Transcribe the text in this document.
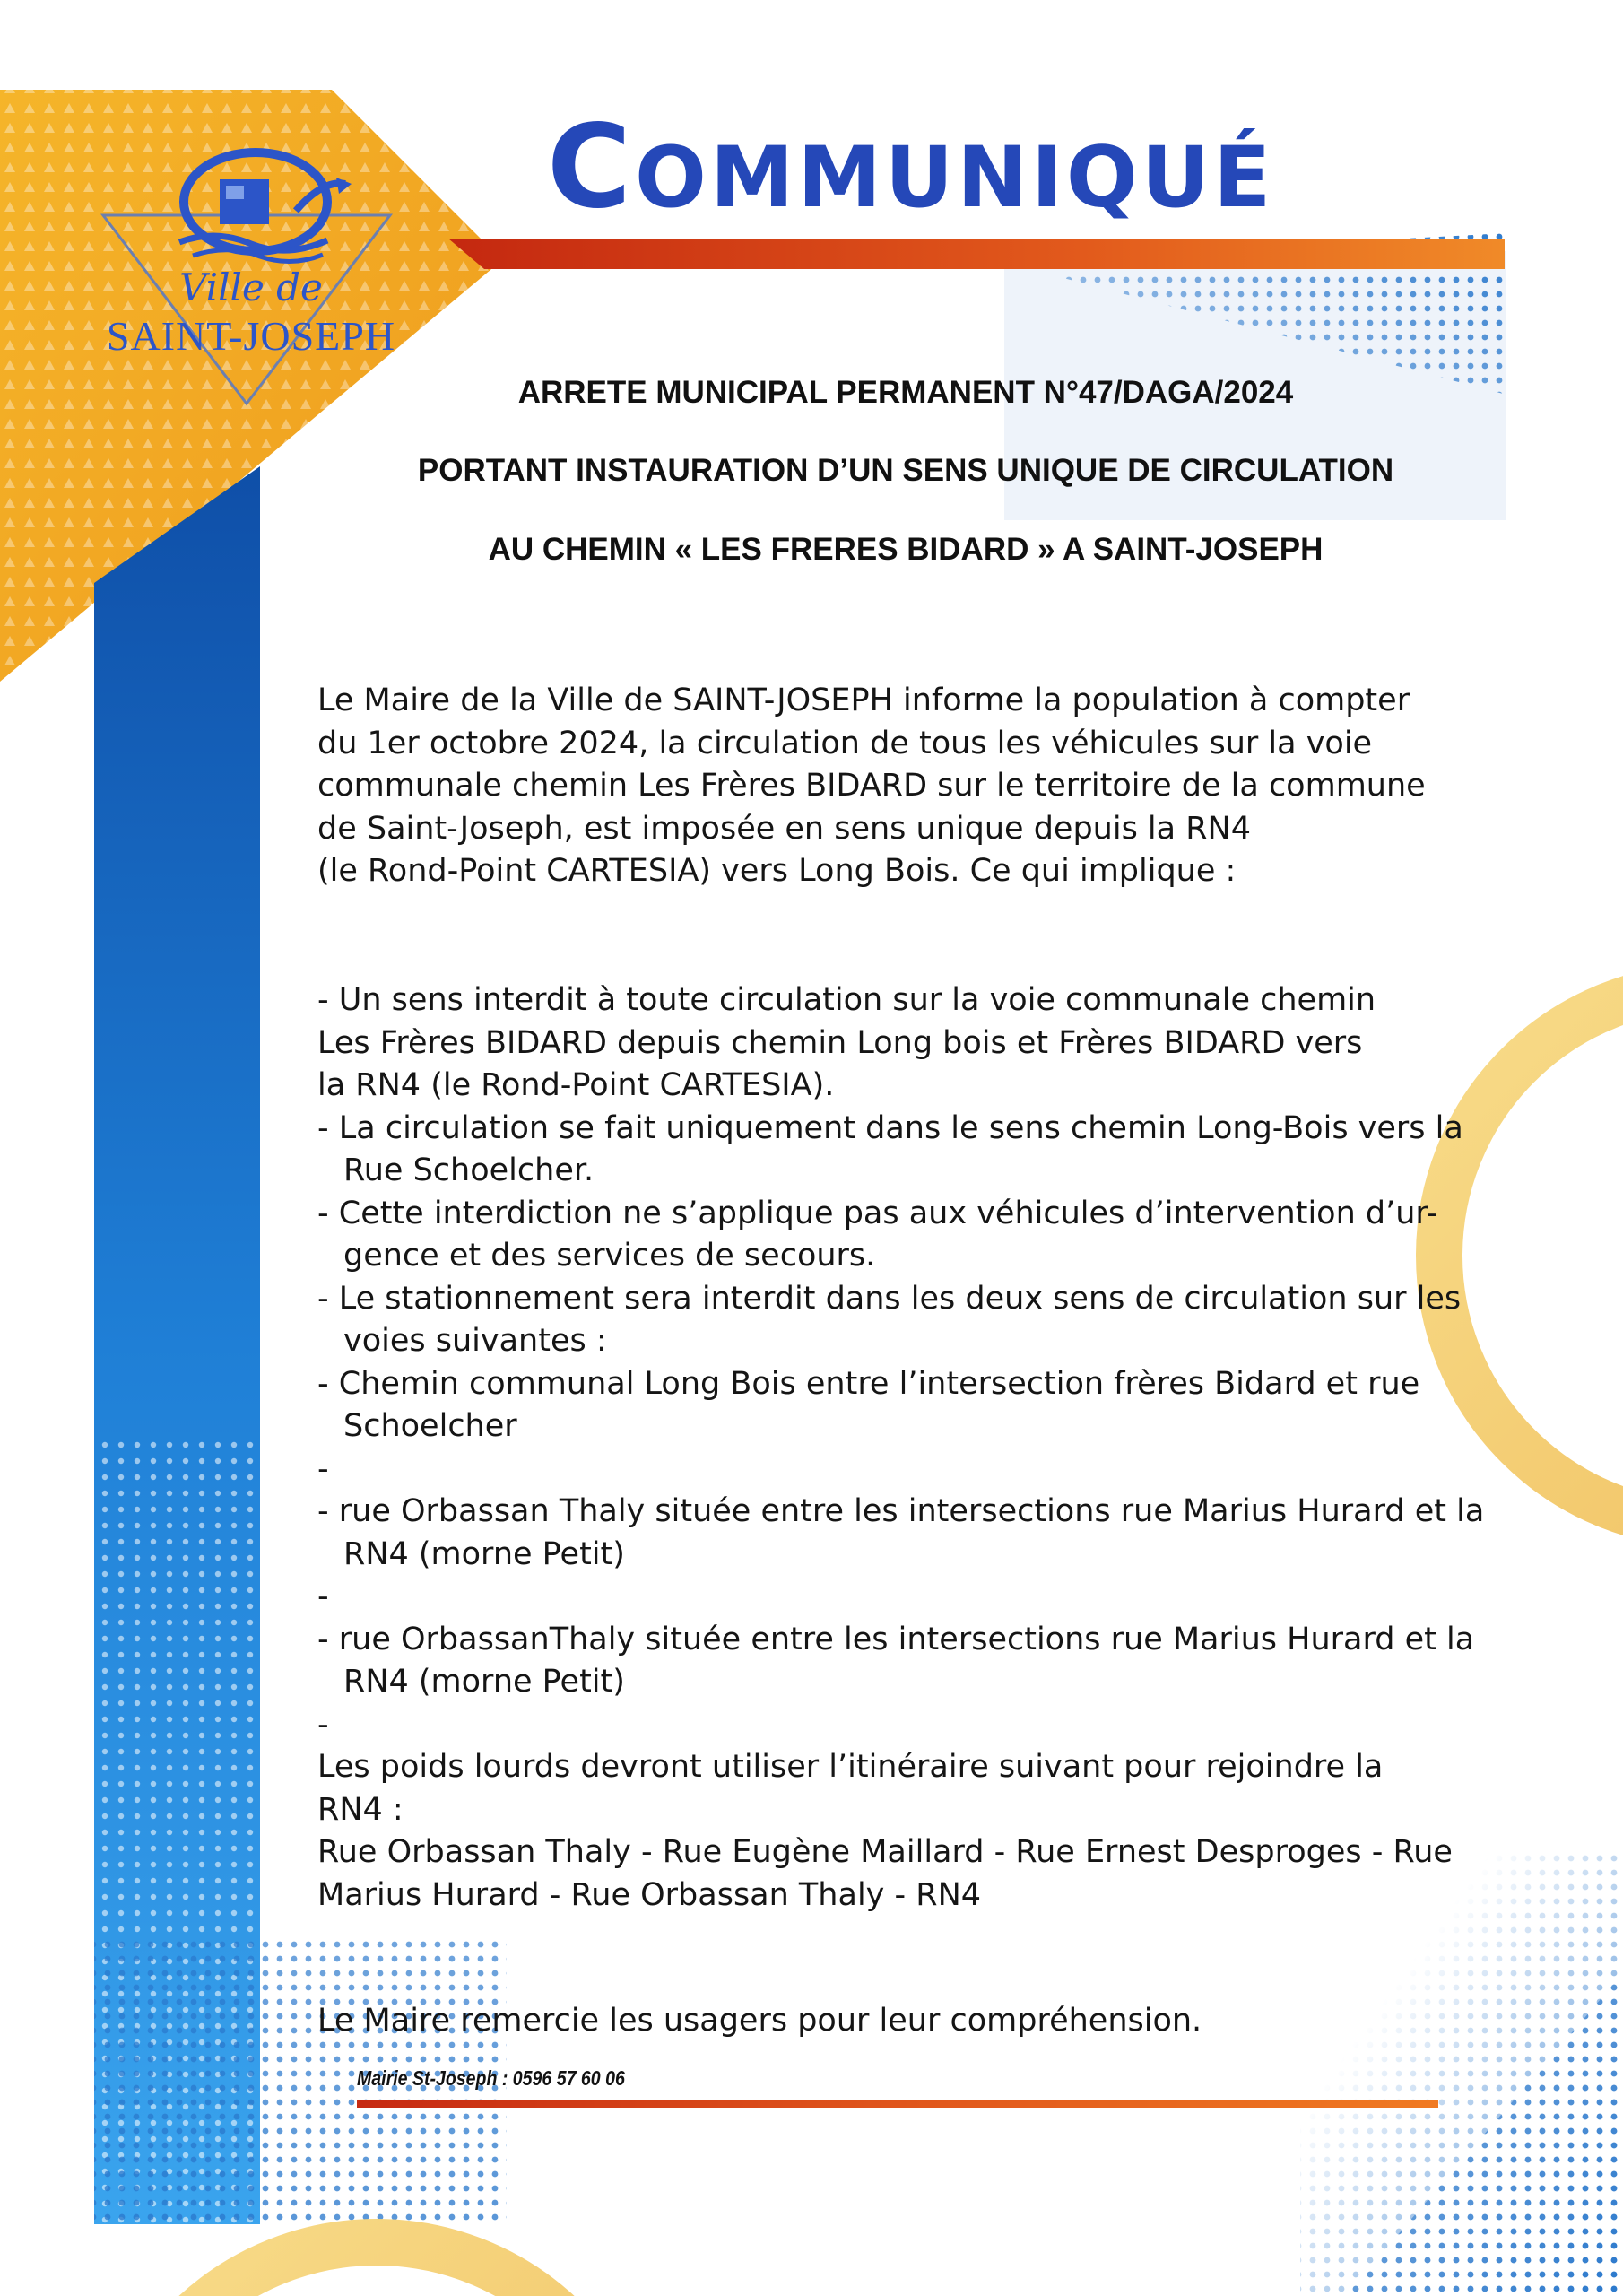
COMMUNIQUÉ
Ville de
SAINT-JOSEPH
ARRETE MUNICIPAL PERMANENT N°47/DAGA/2024
PORTANT INSTAURATION D’UN SENS UNIQUE DE CIRCULATION
AU CHEMIN « LES FRERES BIDARD » A SAINT-JOSEPH

Le Maire de la Ville de SAINT-JOSEPH informe la population à compter

du 1er octobre 2024, la circulation de tous les véhicules sur la voie

communale chemin Les Frères BIDARD sur le territoire de la commune

de Saint-Joseph, est imposée en sens unique depuis la RN4

(le Rond-Point CARTESIA) vers Long Bois. Ce qui implique :

- Un sens interdit à toute circulation sur la voie communale chemin

Les Frères BIDARD depuis chemin Long bois et Frères BIDARD vers

la RN4 (le Rond-Point CARTESIA).

- La circulation se fait uniquement dans le sens chemin Long-Bois vers la Rue Schoelcher.

- Cette interdiction ne s’applique pas aux véhicules d’intervention d’ur-gence et des services de secours.

- Le stationnement sera interdit dans les deux sens de circulation sur les voies suivantes :

- Chemin communal Long Bois entre l’intersection frères Bidard et rue Schoelcher

-

- rue Orbassan Thaly située entre les intersections rue Marius Hurard et la RN4 (morne Petit)

-

- rue OrbassanThaly située entre les intersections rue Marius Hurard et la RN4 (morne Petit)

-

Les poids lourds devront utiliser l’itinéraire suivant pour rejoindre la

RN4 :

Rue Orbassan Thaly - Rue Eugène Maillard - Rue Ernest Desproges - Rue

Marius Hurard - Rue Orbassan Thaly - RN4

Le Maire remercie les usagers pour leur compréhension.
Mairie St-Joseph : 0596 57 60 06
